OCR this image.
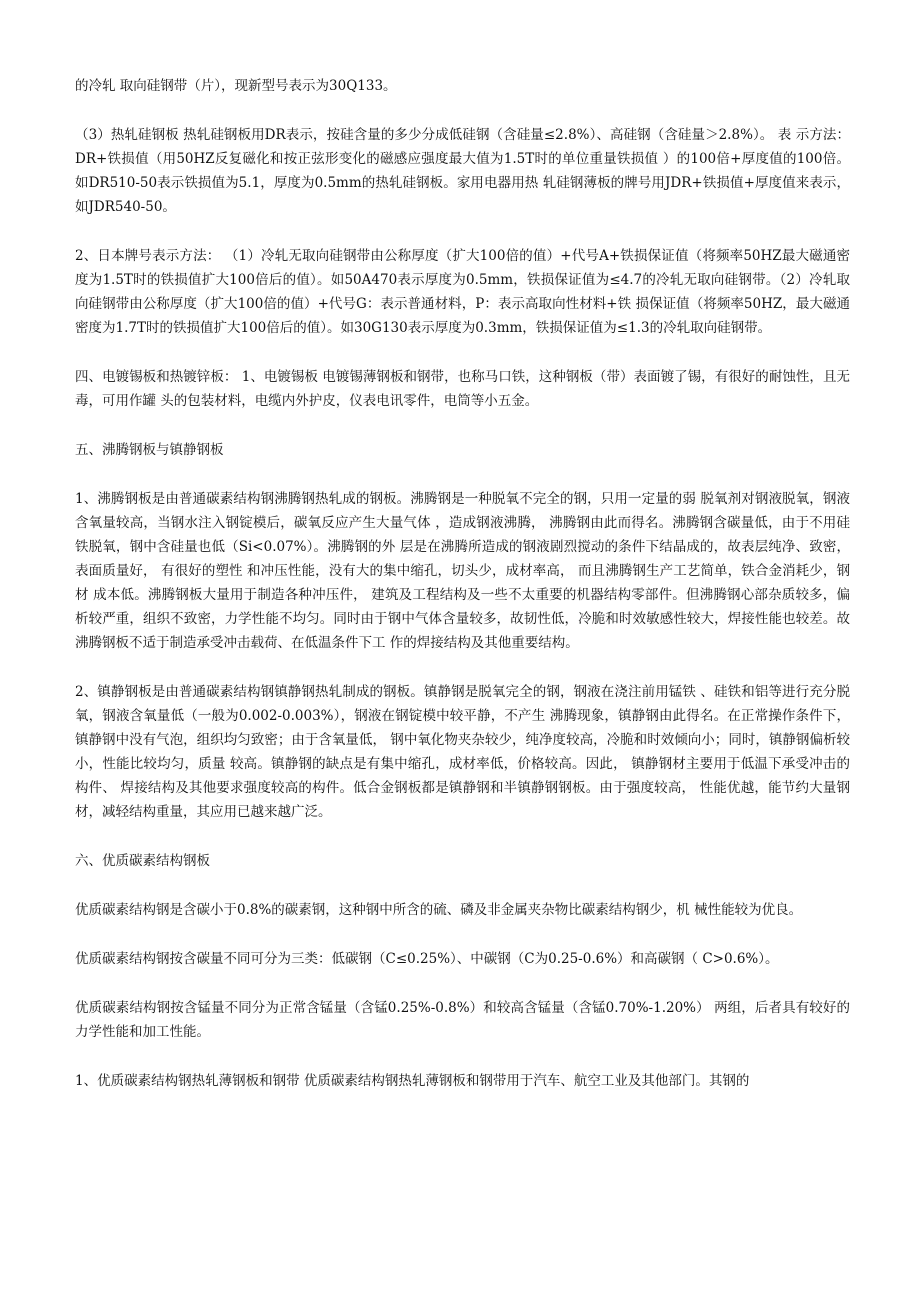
的冷轧 取向硅钢带（片），现新型号表示为30Q133。

（3）热轧硅钢板 热轧硅钢板用DR表示，按硅含量的多少分成低硅钢（含硅量≤2.8%）、高硅钢（含硅量＞2.8%）。 表 示方法：DR+铁损值（用50HZ反复磁化和按正弦形变化的磁感应强度最大值为1.5T时的单位重量铁损值 ）的100倍+厚度值的100倍。如DR510-50表示铁损值为5.1，厚度为0.5mm的热轧硅钢板。家用电器用热 轧硅钢薄板的牌号用JDR+铁损值+厚度值来表示，如JDR540-50。

2、日本牌号表示方法： （1）冷轧无取向硅钢带由公称厚度（扩大100倍的值）+代号A+铁损保证值（将频率50HZ最大磁通密度为1.5T时的铁损值扩大100倍后的值）。如50A470表示厚度为0.5mm，铁损保证值为≤4.7的冷轧无取向硅钢带。（2）冷轧取向硅钢带由公称厚度（扩大100倍的值）+代号G：表示普通材料，P：表示高取向性材料+铁 损保证值（将频率50HZ，最大磁通密度为1.7T时的铁损值扩大100倍后的值）。如30G130表示厚度为0.3mm，铁损保证值为≤1.3的冷轧取向硅钢带。

四、电镀锡板和热镀锌板： 1、电镀锡板 电镀锡薄钢板和钢带，也称马口铁，这种钢板（带）表面镀了锡，有很好的耐蚀性，且无毒，可用作罐 头的包装材料，电缆内外护皮，仪表电讯零件，电筒等小五金。

五、沸腾钢板与镇静钢板

1、沸腾钢板是由普通碳素结构钢沸腾钢热轧成的钢板。沸腾钢是一种脱氧不完全的钢，只用一定量的弱 脱氧剂对钢液脱氧，钢液含氧量较高，当钢水注入钢锭模后，碳氧反应产生大量气体 ，造成钢液沸腾， 沸腾钢由此而得名。沸腾钢含碳量低，由于不用硅铁脱氧，钢中含硅量也低（Si<0.07%）。沸腾钢的外 层是在沸腾所造成的钢液剧烈搅动的条件下结晶成的，故表层纯净、致密，表面质量好， 有很好的塑性 和冲压性能，没有大的集中缩孔，切头少，成材率高， 而且沸腾钢生产工艺简单，铁合金消耗少，钢材 成本低。沸腾钢板大量用于制造各种冲压件， 建筑及工程结构及一些不太重要的机器结构零部件。但沸腾钢心部杂质较多，偏析较严重，组织不致密，力学性能不均匀。同时由于钢中气体含量较多，故韧性低，冷脆和时效敏感性较大，焊接性能也较差。故沸腾钢板不适于制造承受冲击载荷、在低温条件下工 作的焊接结构及其他重要结构。

2、镇静钢板是由普通碳素结构钢镇静钢热轧制成的钢板。镇静钢是脱氧完全的钢，钢液在浇注前用锰铁 、硅铁和铝等进行充分脱氧，钢液含氧量低（一般为0.002-0.003%），钢液在钢锭模中较平静，不产生 沸腾现象，镇静钢由此得名。在正常操作条件下，镇静钢中没有气泡，组织均匀致密；由于含氧量低， 钢中氧化物夹杂较少，纯净度较高，冷脆和时效倾向小；同时，镇静钢偏析较小，性能比较均匀，质量 较高。镇静钢的缺点是有集中缩孔，成材率低，价格较高。因此， 镇静钢材主要用于低温下承受冲击的 构件、 焊接结构及其他要求强度较高的构件。低合金钢板都是镇静钢和半镇静钢钢板。由于强度较高， 性能优越，能节约大量钢材，减轻结构重量，其应用已越来越广泛。

六、优质碳素结构钢板

优质碳素结构钢是含碳小于0.8%的碳素钢，这种钢中所含的硫、磷及非金属夹杂物比碳素结构钢少，机 械性能较为优良。

优质碳素结构钢按含碳量不同可分为三类：低碳钢（C≤0.25%）、中碳钢（C为0.25-0.6%）和高碳钢（ C>0.6%）。

优质碳素结构钢按含锰量不同分为正常含锰量（含锰0.25%-0.8%）和较高含锰量（含锰0.70%-1.20%） 两组，后者具有较好的力学性能和加工性能。

1、优质碳素结构钢热轧薄钢板和钢带 优质碳素结构钢热轧薄钢板和钢带用于汽车、航空工业及其他部门。其钢的
